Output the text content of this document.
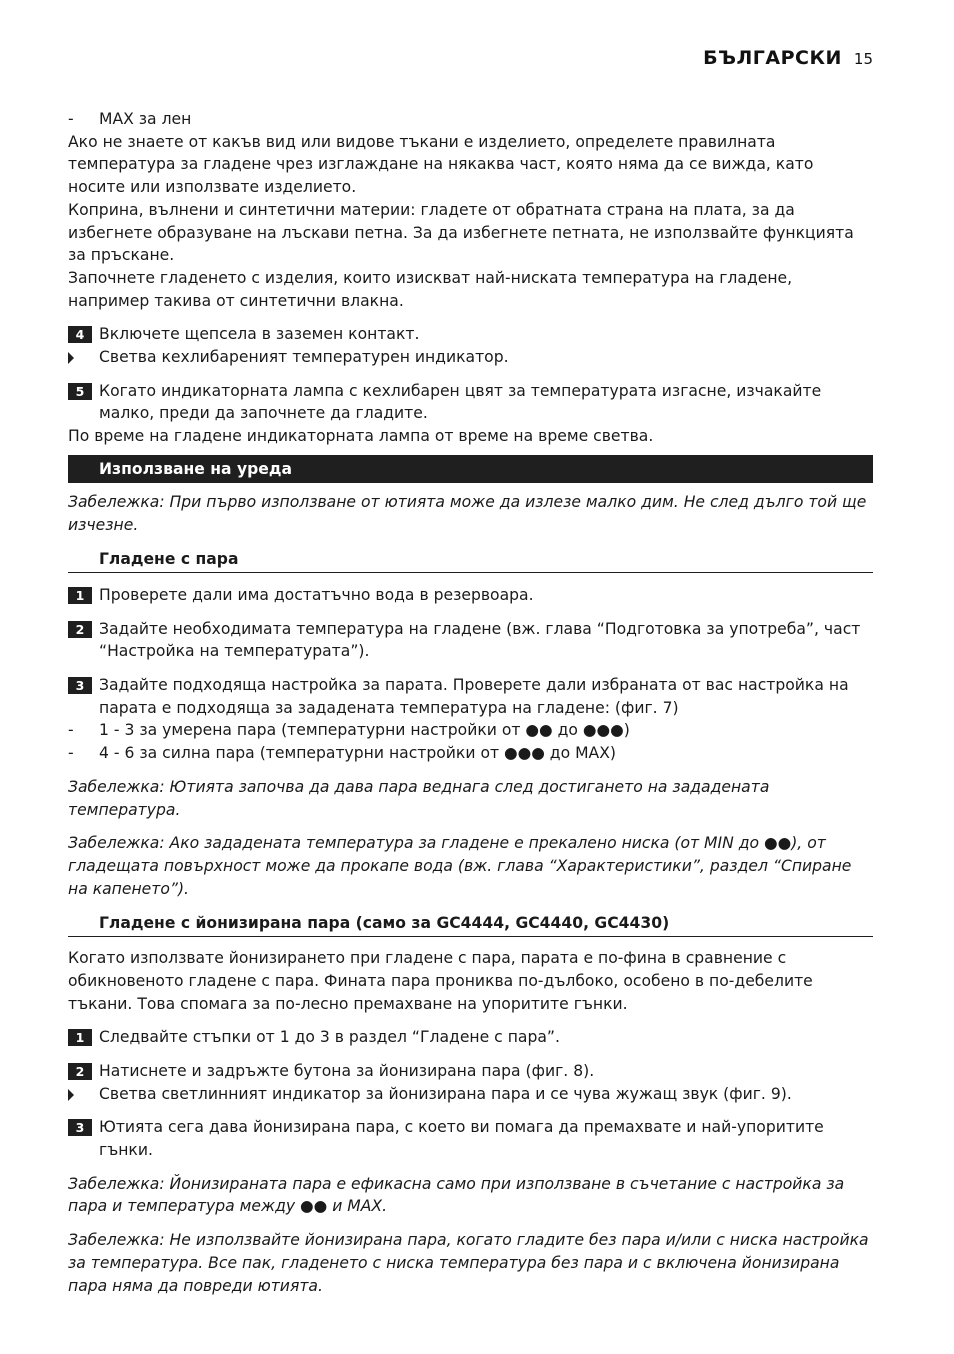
БЪЛГАРСКИ 15

- MAX за лен

Ако не знаете от какъв вид или видове тъкани е изделието, определете правилната температура за гладене чрез изглаждане на някаква част, която няма да се вижда, като носите или използвате изделието.

Коприна, вълнени и синтетични материи: гладете от обратната страна на плата, за да избегнете образуване на лъскави петна. За да избегнете петната, не използвайте функцията за пръскане.

Започнете гладенето с изделия, които изискват най-ниската температура на гладене, например такива от синтетични влакна.

4 Включете щепсела в заземен контакт.
Светва кехлибареният температурен индикатор.
5 Когато индикаторната лампа с кехлибарен цвят за температурата изгасне, изчакайте малко, преди да започнете да гладите.

По време на гладене индикаторната лампа от време на време светва.

Използване на уреда

Забележка: При първо използване от ютията може да излезе малко дим. Не след дълго той ще изчезне.

Гладене с пара
1 Проверете дали има достатъчно вода в резервоара.
2 Задайте необходимата температура на гладене (вж. глава “Подготовка за употреба”, част “Настройка на температурата”).
3 Задайте подходяща настройка за парата. Проверете дали избраната от вас настройка на парата е подходяща за зададената температура на гладене: (фиг. 7)

- 1 - 3 за умерена пара (температурни настройки от ●● до ●●●)

- 4 - 6 за силна пара (температурни настройки от ●●● до MAX)

Забележка: Ютията започва да дава пара веднага след достигането на зададената температура.

Забележка: Ако зададената температура за гладене е прекалено ниска (от MIN до ●●), от гладещата повърхност може да прокапе вода (вж. глава “Характеристики”, раздел “Спиране на капенето”).

Гладене с йонизирана пара (само за GC4444, GC4440, GC4430)

Когато използвате йонизирането при гладене с пара, парата е по-фина в сравнение с обикновеното гладене с пара. Фината пара прониква по-дълбоко, особено в по-дебелите тъкани. Това спомага за по-лесно премахване на упоритите гънки.

1 Следвайте стъпки от 1 до 3 в раздел “Гладене с пара”.
2 Натиснете и задръжте бутона за йонизирана пара (фиг. 8).
Светва светлинният индикатор за йонизирана пара и се чува жужащ звук (фиг. 9).
3 Ютията сега дава йонизирана пара, с което ви помага да премахвате и най-упоритите гънки.

Забележка: Йонизираната пара е ефикасна само при използване в съчетание с настройка за пара и температура между ●● и MAX.

Забележка: Не използвайте йонизирана пара, когато гладите без пара и/или с ниска настройка за температура. Все пак, гладенето с ниска температура без пара и с включена йонизирана пара няма да повреди ютията.
